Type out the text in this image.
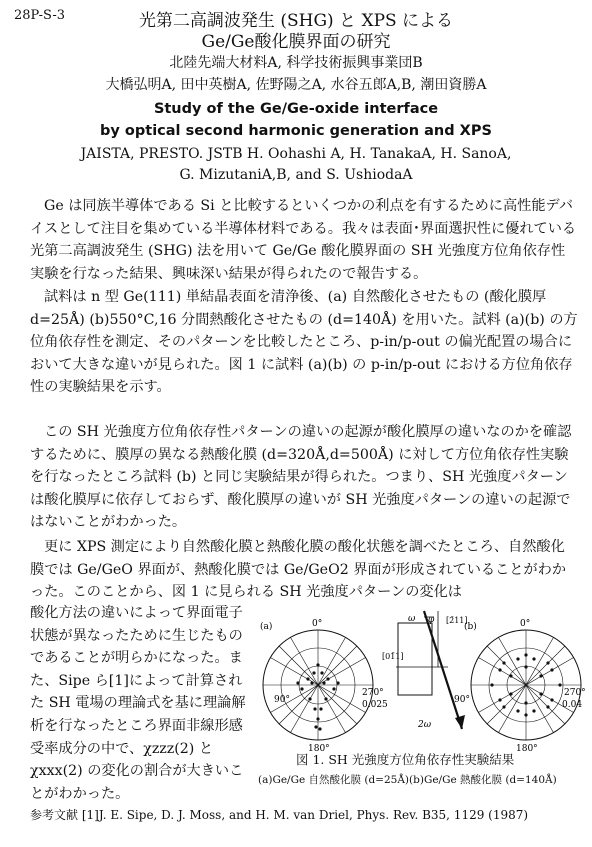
28P-S-3	光第二高調波発生 (SHG) と XPS による
Ge/Ge酸化膜界面の研究
北陸先端大材料A, 科学技術振興事業団B
大橋弘明A, 田中英樹A, 佐野陽之A, 水谷五郎A,B, 潮田資勝A
Study of the Ge/Ge-oxide interface
by optical second harmonic generation and XPS
JAISTA, PRESTO. JSTB H. Oohashi A, H. TanakaA, H. SanoA,
G. MizutaniA,B, and S. UshiodaA
Ge は同族半導体である Si と比較するといくつかの利点を有するために高性能デバイスとして注目を集めている半導体材料である。我々は表面･界面選択性に優れている光第二高調波発生 (SHG) 法を用いて Ge/Ge 酸化膜界面の SH 光強度方位角依存性実験を行なった結果、興味深い結果が得られたので報告する。
試料は n 型 Ge(111) 単結晶表面を清浄後、(a) 自然酸化させたもの (酸化膜厚 d=25Å) (b)550°C,16 分間熱酸化させたもの (d=140Å) を用いた。試料 (a)(b) の方位角依存性を測定、そのパターンを比較したところ、p-in/p-out の偏光配置の場合において大きな違いが見られた。図 1 に試料 (a)(b) の p-in/p-out における方位角依存性の実験結果を示す。
この SH 光強度方位角依存性パターンの違いの起源が酸化膜厚の違いなのかを確認するために、膜厚の異なる熱酸化膜 (d=320Å,d=500Å) に対して方位角依存性実験を行なったところ試料 (b) と同じ実験結果が得られた。つまり、SH 光強度パターンは酸化膜厚に依存しておらず、酸化膜厚の違いが SH 光強度パターンの違いの起源ではないことがわかった。
更に XPS 測定により自然酸化膜と熱酸化膜の酸化状態を調べたところ、自然酸化膜では Ge/GeO 界面が、熱酸化膜では Ge/GeO2 界面が形成されていることがわかった。このことから、図 1 に見られる SH 光強度パターンの変化は
酸化方法の違いによって界面電子状態が異なったために生じたものであることが明らかになった。また、Sipe ら[1]によって計算された SH 電場の理論式を基に理論解析を行なったところ界面非線形感受率成分の中で、χzzz(2) とχxxx(2) の変化の割合が大きいことがわかった。
(a)	0°
90°
180°
270°
0.025
ω φ [2̄11]
[01̄1]
2ω
(b)	0°
90°
180°
270°
0.04
図 1. SH 光強度方位角依存性実験結果
(a)Ge/Ge 自然酸化膜 (d=25Å)(b)Ge/Ge 熱酸化膜 (d=140Å)
参考文献 [1]J. E. Sipe, D. J. Moss, and H. M. van Driel, Phys. Rev. B35, 1129 (1987)
